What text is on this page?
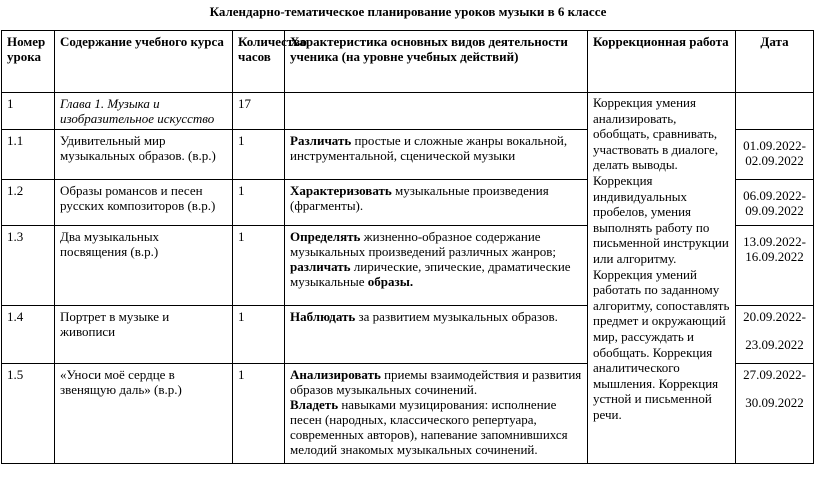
Календарно-тематическое планирование уроков музыки в 6 классе
Номер урока	Содержание учебного курса	Количество часов	Характеристика основных видов деятельности ученика (на уровне учебных действий)	Коррекционная работа	Дата
1	Глава 1. Музыка и изобразительное искусство	17		Коррекция умения анализировать, обобщать, сравнивать, участвовать в диалоге, делать выводы. Коррекция индивидуальных пробелов, умения выполнять работу по письменной инструкции или алгоритму. Коррекция умений работать по заданному алгоритму, сопоставлять предмет и окружающий мир, рассуждать и обобщать. Коррекция аналитического мышления. Коррекция устной и письменной речи.	
1.1	Удивительный мир музыкальных образов. (в.р.)	1	Различать простые и сложные жанры вокальной, инструментальной, сценической музыки		01.09.2022-
02.09.2022
1.2	Образы романсов и песен русских композиторов (в.р.)	1	Характеризовать музыкальные произведения (фрагменты).		06.09.2022-
09.09.2022
1.3	Два музыкальных посвящения (в.р.)	1	Определять жизненно-образное содержание музыкальных произведений различных жанров; различать лирические, эпические, драматические музыкальные образы.		13.09.2022-
16.09.2022
1.4	Портрет в музыке и живописи	1	Наблюдать за развитием музыкальных образов.		20.09.2022-
23.09.2022

1.5	«Уноси моё сердце в звенящую даль» (в.р.)	1	Анализировать приемы взаимодействия и развития образов музыкальных сочинений.
Владеть навыками музицирования: исполнение песен (народных, классического репертуара, современных авторов), напевание запомнившихся мелодий знакомых музыкальных сочинений.		27.09.2022-
30.09.2022
